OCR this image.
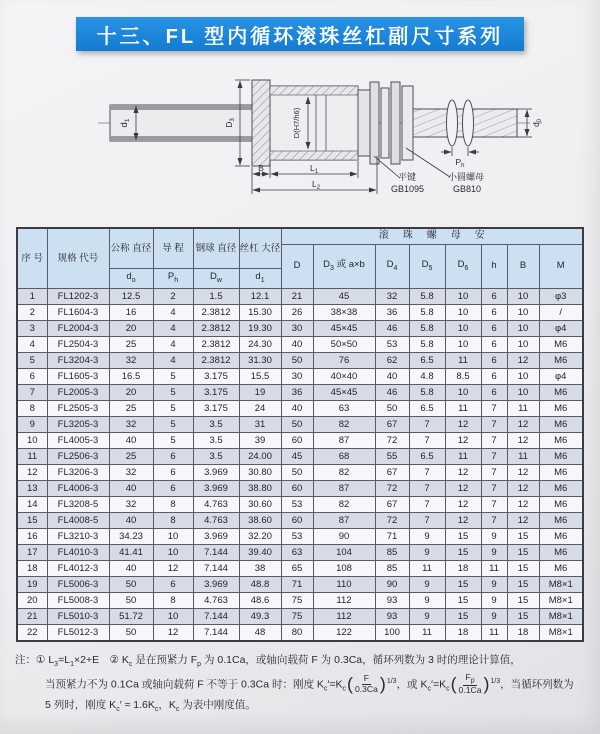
十三、FL 型内循环滚珠丝杠副尺寸系列
$d_1$
$D_3$	D(H7/h6)	$d_0$
$P_h$
B	$L_1$
$L_2$
平键
GB1095
小圆螺母
GB810
序 号	规格 代号	公称 直径	导 程	钢球 直径	丝杠 大径	滚珠螺母安							
						D	$D_3$ 或 a×b	$D_4$	$D_5$	$D_6$	h	B	M
		$d_o$	$P_h$	$D_w$	$d_1$
1	FL1202-3	12.5	2	1.5	12.1	21	45	32	5.8	10	6	10	φ3
2	FL1604-3	16	4	2.3812	15.30	26	38×38	36	5.8	10	6	10	/
3	FL2004-3	20	4	2.3812	19.30	30	45×45	46	5.8	10	6	10	φ4
4	FL2504-3	25	4	2.3812	24.30	40	50×50	53	5.8	10	6	10	M6
5	FL3204-3	32	4	2.3812	31.30	50	76	62	6.5	11	6	12	M6
6	FL1605-3	16.5	5	3.175	15.5	30	40×40	40	4.8	8.5	6	10	φ4
7	FL2005-3	20	5	3.175	19	36	45×45	46	5.8	10	6	10	M6
8	FL2505-3	25	5	3.175	24	40	63	50	6.5	11	7	11	M6
9	FL3205-3	32	5	3.5	31	50	82	67	7	12	7	12	M6
10	FL4005-3	40	5	3.5	39	60	87	72	7	12	7	12	M6
11	FL2506-3	25	6	3.5	24.00	45	68	55	6.5	11	7	11	M6
12	FL3206-3	32	6	3.969	30.80	50	82	67	7	12	7	12	M6
13	FL4006-3	40	6	3.969	38.80	60	87	72	7	12	7	12	M6
14	FL3208-5	32	8	4.763	30.60	53	82	67	7	12	7	12	M6
15	FL4008-5	40	8	4.763	38.60	60	87	72	7	12	7	12	M6
16	FL3210-3	34.23	10	3.969	32.20	53	90	71	9	15	9	15	M6
17	FL4010-3	41.41	10	7.144	39.40	63	104	85	9	15	9	15	M6
18	FL4012-3	40	12	7.144	38	65	108	85	11	18	11	15	M6
19	FL5006-3	50	6	3.969	48.8	71	110	90	9	15	9	15	M8×1
20	FL5008-3	50	8	4.763	48.6	75	112	93	9	15	9	15	M8×1
21	FL5010-3	51.72	10	7.144	49.3	75	112	93	9	15	9	15	M8×1
22	FL5012-3	50	12	7.144	48	80	122	100	11	18	11	18	M8×1
注：① $L_3=L_1\times 2+E$　② $K_c$ 是在预紧力 $F_p$ 为 0.1Ca，或轴向载荷 F 为 0.3Ca，循环列数为 3 时的理论计算值，
当预紧力不为 0.1Ca 或轴向载荷 F 不等于 0.3Ca 时：刚度 $K_c'=K_c$ ( $\frac{F}{0.3Ca}$ ) $^{1/3}$，或 $K_c'=K_c$ ( $\frac{F_p}{0.1Ca}$ ) $^{1/3}$，当循环列数为
5 列时，刚度 $K_c' \approx 1.6K_c$，$K_c$ 为表中刚度值。
